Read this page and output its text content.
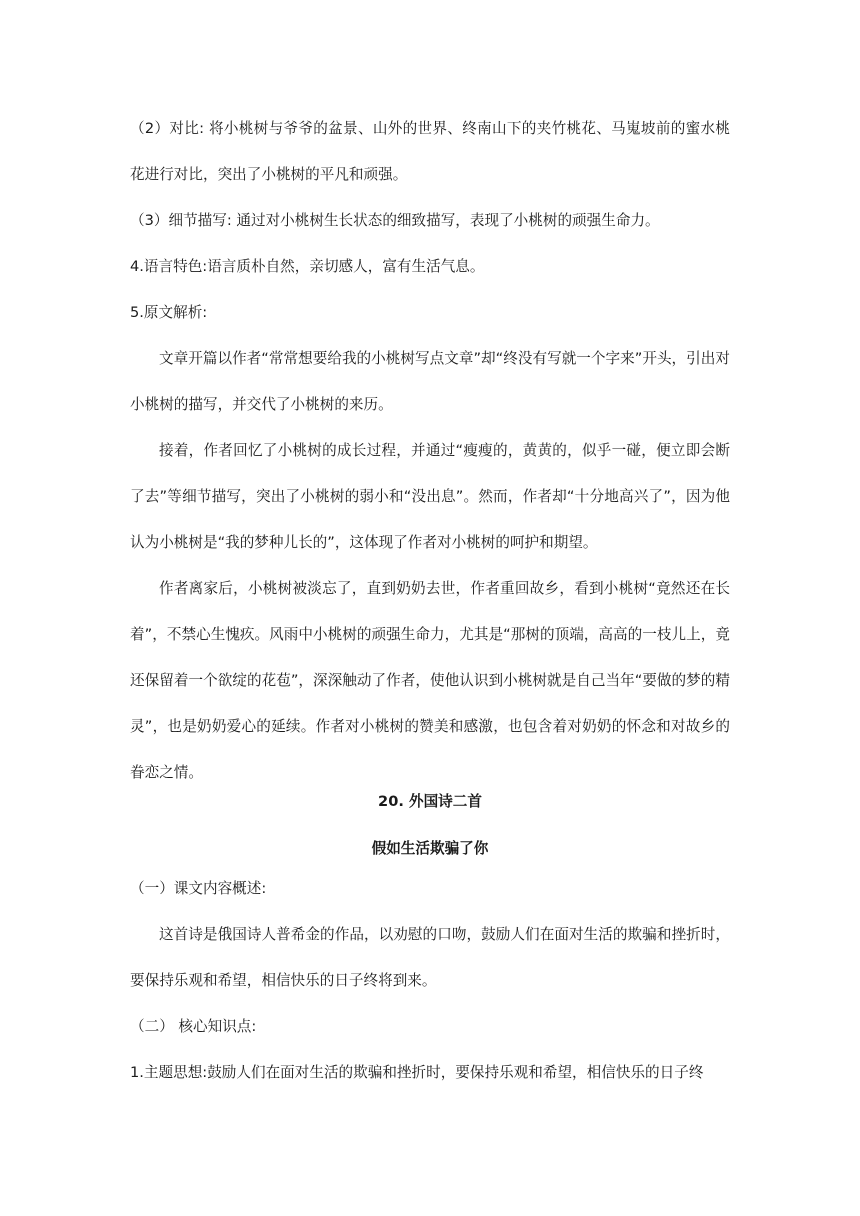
（2）对比: 将小桃树与爷爷的盆景、山外的世界、终南山下的夹竹桃花、马嵬坡前的蜜水桃花进行对比，突出了小桃树的平凡和顽强。

（3）细节描写: 通过对小桃树生长状态的细致描写，表现了小桃树的顽强生命力。

4.语言特色:语言质朴自然，亲切感人，富有生活气息。

5.原文解析:

文章开篇以作者“常常想要给我的小桃树写点文章”却“终没有写就一个字来”开头，引出对小桃树的描写，并交代了小桃树的来历。

接着，作者回忆了小桃树的成长过程，并通过“瘦瘦的，黄黄的，似乎一碰，便立即会断了去”等细节描写，突出了小桃树的弱小和“没出息”。然而，作者却“十分地高兴了”，因为他认为小桃树是“我的梦种儿长的”，这体现了作者对小桃树的呵护和期望。

作者离家后，小桃树被淡忘了，直到奶奶去世，作者重回故乡，看到小桃树“竟然还在长着”，不禁心生愧疚。风雨中小桃树的顽强生命力，尤其是“那树的顶端，高高的一枝儿上，竟还保留着一个欲绽的花苞”，深深触动了作者，使他认识到小桃树就是自己当年“要做的梦的精灵”，也是奶奶爱心的延续。作者对小桃树的赞美和感激，也包含着对奶奶的怀念和对故乡的眷恋之情。

20. 外国诗二首
假如生活欺骗了你

（一）课文内容概述:

这首诗是俄国诗人普希金的作品，以劝慰的口吻，鼓励人们在面对生活的欺骗和挫折时，要保持乐观和希望，相信快乐的日子终将到来。

（二） 核心知识点:

1.主题思想:鼓励人们在面对生活的欺骗和挫折时，要保持乐观和希望，相信快乐的日子终
